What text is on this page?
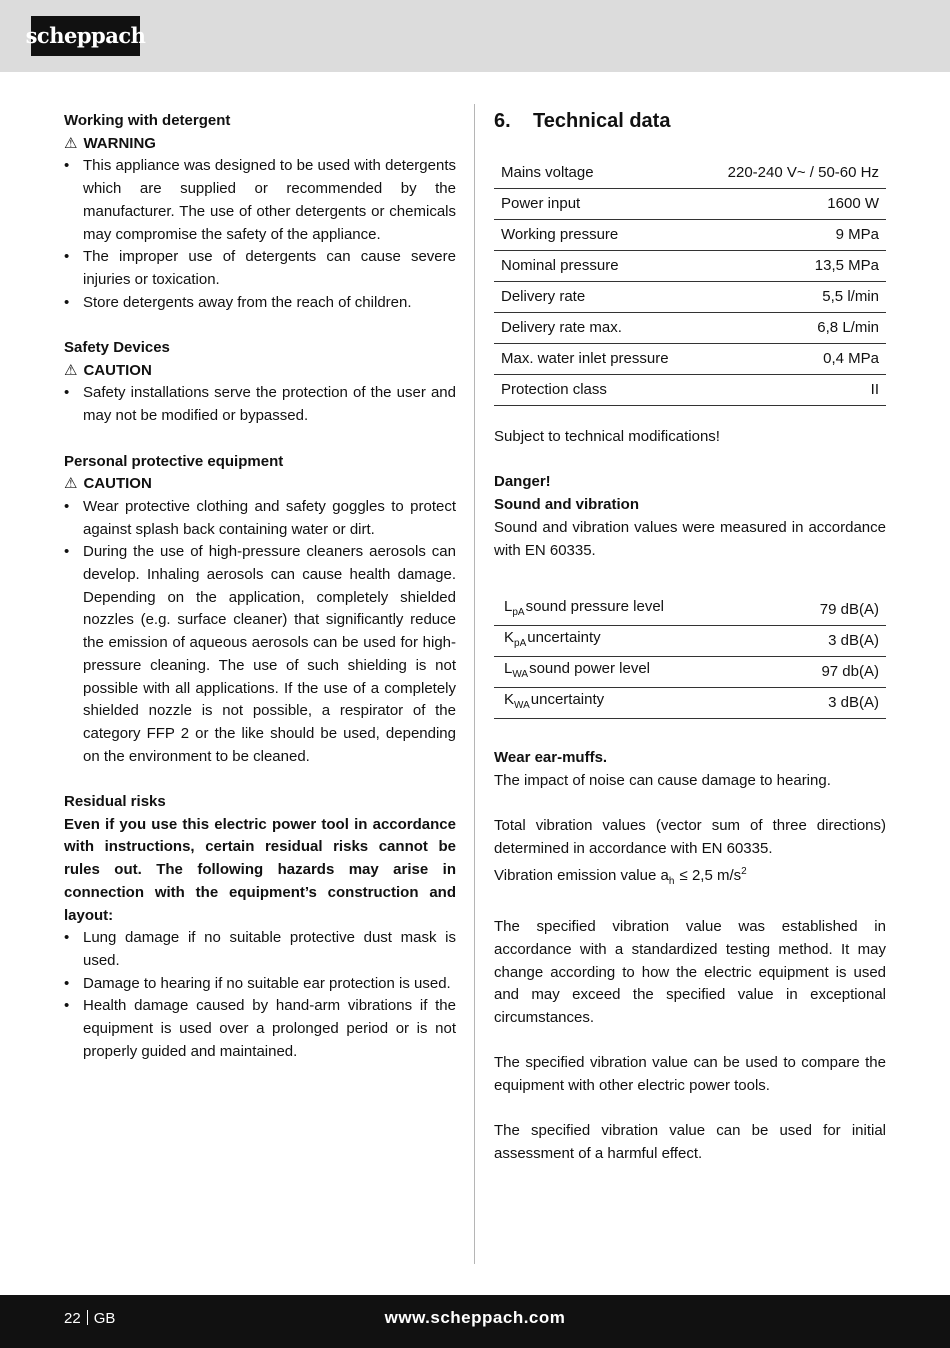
scheppach

Working with detergent

⚠ WARNING
• This appliance was designed to be used with detergents which are supplied or recommended by the manufacturer. The use of other detergents or chemicals may compromise the safety of the appliance.
• The improper use of detergents can cause severe injuries or toxication.
• Store detergents away from the reach of children.

Safety Devices

⚠ CAUTION
• Safety installations serve the protection of the user and may not be modified or bypassed.

Personal protective equipment

⚠ CAUTION
• Wear protective clothing and safety goggles to protect against splash back containing water or dirt.
• During the use of high-pressure cleaners aerosols can develop. Inhaling aerosols can cause health damage. Depending on the application, completely shielded nozzles (e.g. surface cleaner) that significantly reduce the emission of aqueous aerosols can be used for high-pressure cleaning. The use of such shielding is not possible with all applications. If the use of a completely shielded nozzle is not possible, a respirator of the category FFP 2 or the like should be used, depending on the environment to be cleaned.

Residual risks

Even if you use this electric power tool in accordance with instructions, certain residual risks cannot be rules out. The following hazards may arise in connection with the equipment’s construction and layout:

• Lung damage if no suitable protective dust mask is used.
• Damage to hearing if no suitable ear protection is used.
• Health damage caused by hand-arm vibrations if the equipment is used over a prolonged period or is not properly guided and maintained.
6.	Technical data
Mains voltage	220-240 V~ / 50-60 Hz
Power input	1600 W
Working pressure	9 MPa
Nominal pressure	13,5 MPa
Delivery rate	5,5 l/min
Delivery rate max.	6,8 L/min
Max. water inlet pressure	0,4 MPa
Protection class	II

Subject to technical modifications!

Danger!

Sound and vibration

Sound and vibration values were measured in accordance with EN 60335.

$L_{pA}sound$ pressure level	79 dB(A)
$K_{pA}uncertainty$	3 dB(A)
$L_{WA}sound$ power level	97 db(A)
$K_{WA}uncertainty$	3 dB(A)

Wear ear-muffs.

The impact of noise can cause damage to hearing.

Total vibration values (vector sum of three directions) determined in accordance with EN 60335.

Vibration emission value $a_h \le 2,5$ $m/s^2$

The specified vibration value was established in accordance with a standardized testing method. It may change according to how the electric equipment is used and may exceed the specified value in exceptional circumstances.

The specified vibration value can be used to compare the equipment with other electric power tools.

The specified vibration value can be used for initial assessment of a harmful effect.

22 GB	www.scheppach.com
